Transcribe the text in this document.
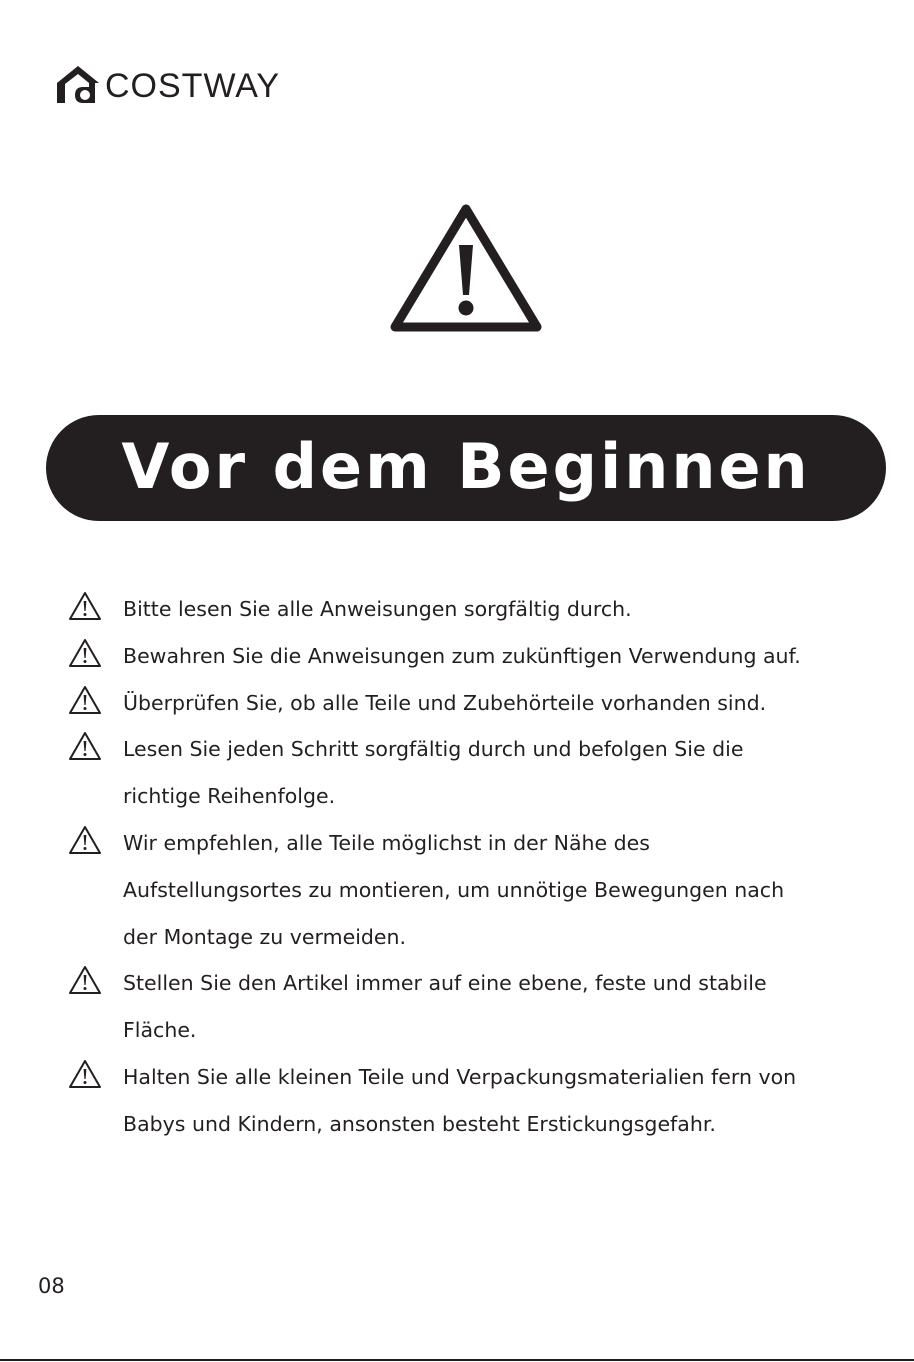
COSTWAY
Vor dem Beginnen
Bitte lesen Sie alle Anweisungen sorgfältig durch.
Bewahren Sie die Anweisungen zum zukünftigen Verwendung auf.
Überprüfen Sie, ob alle Teile und Zubehörteile vorhanden sind.
Lesen Sie jeden Schritt sorgfältig durch und befolgen Sie die
richtige Reihenfolge.
Wir empfehlen, alle Teile möglichst in der Nähe des
Aufstellungsortes zu montieren, um unnötige Bewegungen nach
der Montage zu vermeiden.
Stellen Sie den Artikel immer auf eine ebene, feste und stabile
Fläche.
Halten Sie alle kleinen Teile und Verpackungsmaterialien fern von
Babys und Kindern, ansonsten besteht Erstickungsgefahr.
08
